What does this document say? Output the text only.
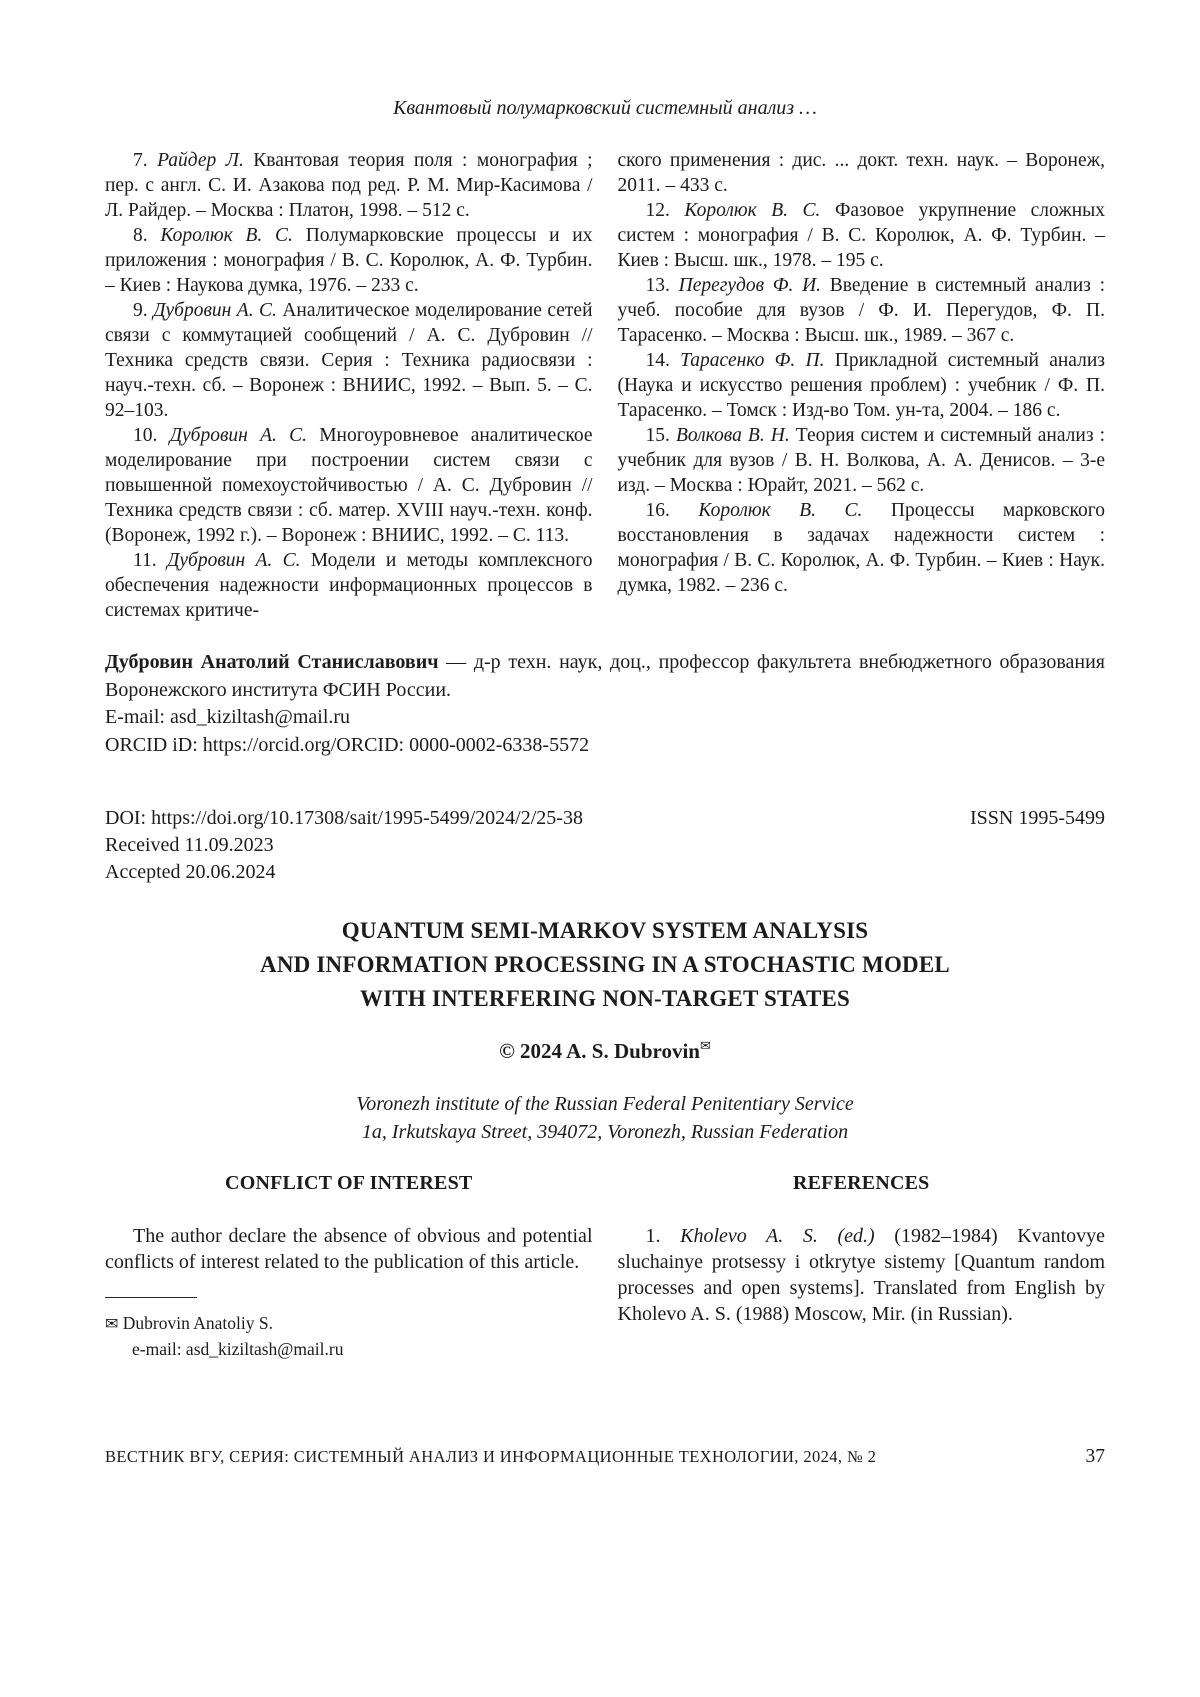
Квантовый полумарковский системный анализ …

7. Райдер Л. Квантовая теория поля : монография ; пер. с англ. С. И. Азакова под ред. Р. М. Мир-Касимова / Л. Райдер. – Москва : Платон, 1998. – 512 с.

8. Королюк В. С. Полумарковские процессы и их приложения : монография / В. С. Королюк, А. Ф. Турбин. – Киев : Наукова думка, 1976. – 233 с.

9. Дубровин А. С. Аналитическое моделирование сетей связи с коммутацией сообщений / А. С. Дубровин // Техника средств связи. Серия : Техника радиосвязи : науч.-техн. сб. – Воронеж : ВНИИС, 1992. – Вып. 5. – С. 92–103.

10. Дубровин А. С. Многоуровневое аналитическое моделирование при построении систем связи с повышенной помехоустойчивостью / А. С. Дубровин // Техника средств связи : сб. матер. XVIII науч.-техн. конф. (Воронеж, 1992 г.). – Воронеж : ВНИИС, 1992. – С. 113.

11. Дубровин А. С. Модели и методы комплексного обеспечения надежности информационных процессов в системах критиче-

ского применения : дис. ... докт. техн. наук. – Воронеж, 2011. – 433 с.

12. Королюк В. С. Фазовое укрупнение сложных систем : монография / В. С. Королюк, А. Ф. Турбин. – Киев : Высш. шк., 1978. – 195 с.

13. Перегудов Ф. И. Введение в системный анализ : учеб. пособие для вузов / Ф. И. Перегудов, Ф. П. Тарасенко. – Москва : Высш. шк., 1989. – 367 с.

14. Тарасенко Ф. П. Прикладной системный анализ (Наука и искусство решения проблем) : учебник / Ф. П. Тарасенко. – Томск : Изд-во Том. ун-та, 2004. – 186 с.

15. Волкова В. Н. Теория систем и системный анализ : учебник для вузов / В. Н. Волкова, А. А. Денисов. – 3-е изд. – Москва : Юрайт, 2021. – 562 с.

16. Королюк В. С. Процессы марковского восстановления в задачах надежности систем : монография / В. С. Королюк, А. Ф. Турбин. – Киев : Наук. думка, 1982. – 236 с.

Дубровин Анатолий Станиславович — д-р техн. наук, доц., профессор факультета внебюджетного образования Воронежского института ФСИН России.

E-mail: asd_kiziltash@mail.ru

ORCID iD: https://orcid.org/ORCID: 0000-0002-6338-5572

DOI: https://doi.org/10.17308/sait/1995-5499/2024/2/25-38	ISSN 1995-5499
Received 11.09.2023
Accepted 20.06.2024
QUANTUM SEMI-MARKOV SYSTEM ANALYSIS
AND INFORMATION PROCESSING IN A STOCHASTIC MODEL
WITH INTERFERING NON-TARGET STATES

© 2024 A. S. Dubrovin✉

Voronezh institute of the Russian Federal Penitentiary Service
1a, Irkutskaya Street, 394072, Voronezh, Russian Federation

CONFLICT OF INTEREST

The author declare the absence of obvious and potential conflicts of interest related to the publication of this article.

✉ Dubrovin Anatoliy S.

e-mail: asd_kiziltash@mail.ru

REFERENCES

1. Kholevo A. S. (ed.) (1982–1984) Kvantovye sluchainye protsessy i otkrytye sistemy [Quantum random processes and open systems]. Translated from English by Kholevo A. S. (1988) Moscow, Mir. (in Russian).

ВЕСТНИК ВГУ, СЕРИЯ: СИСТЕМНЫЙ АНАЛИЗ И ИНФОРМАЦИОННЫЕ ТЕХНОЛОГИИ, 2024, № 2	37
